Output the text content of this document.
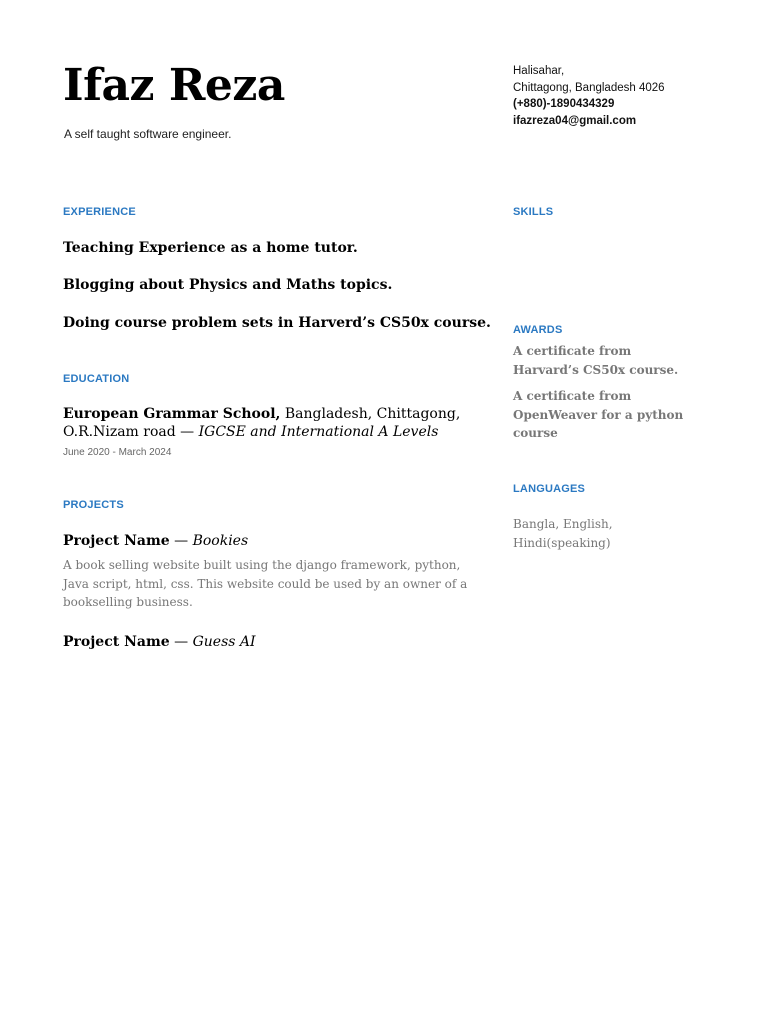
Ifaz Reza
A self taught software engineer.
Halisahar,
Chittagong, Bangladesh 4026
(+880)-1890434329
ifazreza04@gmail.com
EXPERIENCE
Teaching Experience as a home tutor.
Blogging about Physics and Maths topics.
Doing course problem sets in Harverd’s CS50x course.
EDUCATION
European Grammar School, Bangladesh, Chittagong, O.R.Nizam road — IGCSE and International A Levels
June 2020 - March 2024
PROJECTS
Project Name — Bookies
A book selling website built using the django framework, python, Java script, html, css. This website could be used by an owner of a bookselling business.
Project Name — Guess AI
SKILLS
AWARDS
A certificate from Harvard’s CS50x course.
A certificate from OpenWeaver for a python course
LANGUAGES
Bangla, English, Hindi(speaking)
